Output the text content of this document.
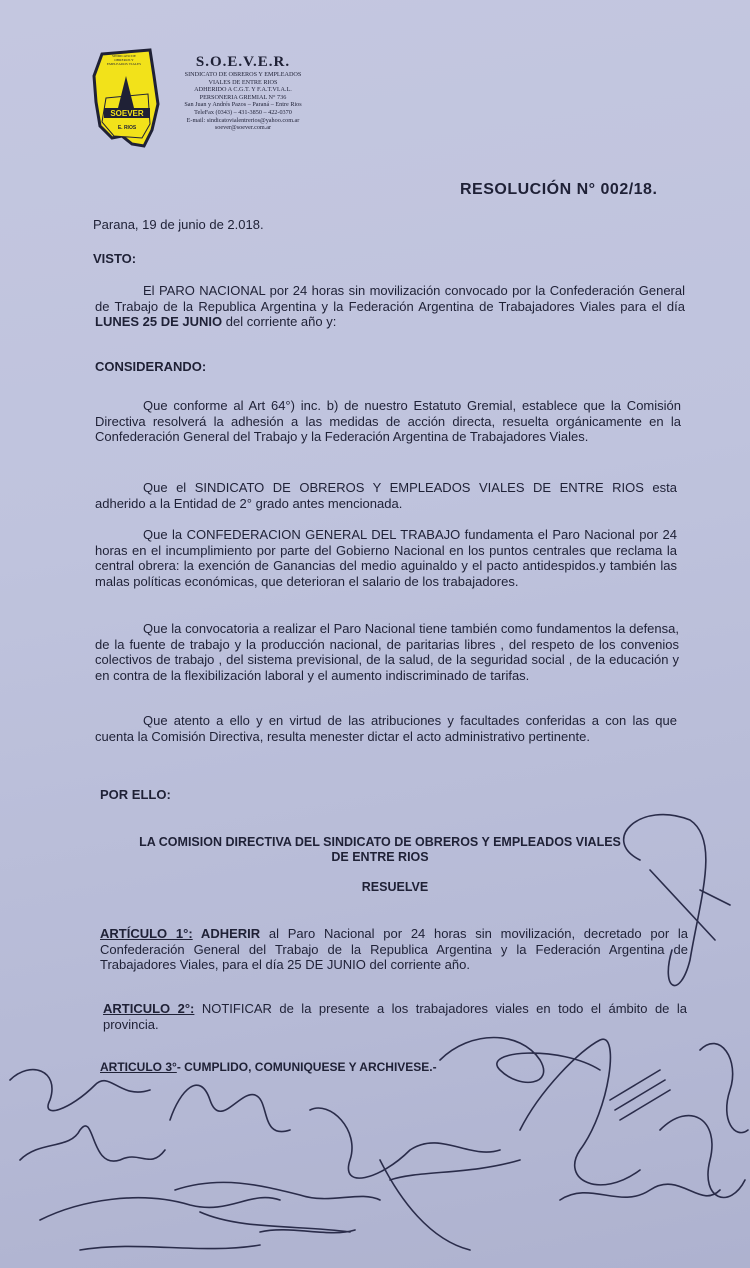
SINDICATO DE OBREROS Y EMPLEADOS VIALES
SOEVER
E. RIOS
S.O.E.V.E.R.
SINDICATO DE OBREROS Y EMPLEADOS
VIALES DE ENTRE RIOS
ADHERIDO A C.G.T. Y F.A.T.VI.A.L.
PERSONERIA GREMIAL N° 736
San Juan y Andrés Pazos – Paraná – Entre Rios
TeleFax (0343) – 431-3850 – 422-0370
E-mail: sindicatovialentrerios@yahoo.com.ar
soever@soever.com.ar
RESOLUCIÓN N° 002/18.
Parana, 19 de junio de 2.018.
VISTO:
El PARO NACIONAL por 24 horas sin movilización convocado por la Confederación General de Trabajo de la Republica Argentina y la Federación Argentina de Trabajadores Viales para el día LUNES 25 DE JUNIO del corriente año y:
CONSIDERANDO:
Que conforme al Art 64°) inc. b) de nuestro Estatuto Gremial, establece que la Comisión Directiva resolverá la adhesión a las medidas de acción directa, resuelta orgánicamente en la Confederación General del Trabajo y la Federación Argentina de Trabajadores Viales.
Que el SINDICATO DE OBREROS Y EMPLEADOS VIALES DE ENTRE RIOS esta adherido a la Entidad de 2° grado antes mencionada.
Que la CONFEDERACION GENERAL DEL TRABAJO fundamenta el Paro Nacional por 24 horas en el incumplimiento por parte del Gobierno Nacional en los puntos centrales que reclama la central obrera: la exención de Ganancias del medio aguinaldo y el pacto antidespidos.y también las malas políticas económicas, que deterioran el salario de los trabajadores.
Que la convocatoria a realizar el Paro Nacional tiene también como fundamentos la defensa, de la fuente de trabajo y la producción nacional, de paritarias libres , del respeto de los convenios colectivos de trabajo , del sistema previsional, de la salud, de la seguridad social , de la educación y en contra de la flexibilización laboral y el aumento indiscriminado de tarifas.
Que atento a ello y en virtud de las atribuciones y facultades conferidas a con las que cuenta la Comisión Directiva, resulta menester dictar el acto administrativo pertinente.
POR ELLO:
LA COMISION DIRECTIVA DEL SINDICATO DE OBREROS Y EMPLEADOS VIALES
DE ENTRE RIOS
RESUELVE
ARTÍCULO 1°: ADHERIR al Paro Nacional por 24 horas sin movilización, decretado por la Confederación General del Trabajo de la Republica Argentina y la Federación Argentina de Trabajadores Viales, para el día 25 DE JUNIO del corriente año.
ARTICULO 2°: NOTIFICAR de la presente a los trabajadores viales en todo el ámbito de la provincia.
ARTICULO 3°- CUMPLIDO, COMUNIQUESE Y ARCHIVESE.-
